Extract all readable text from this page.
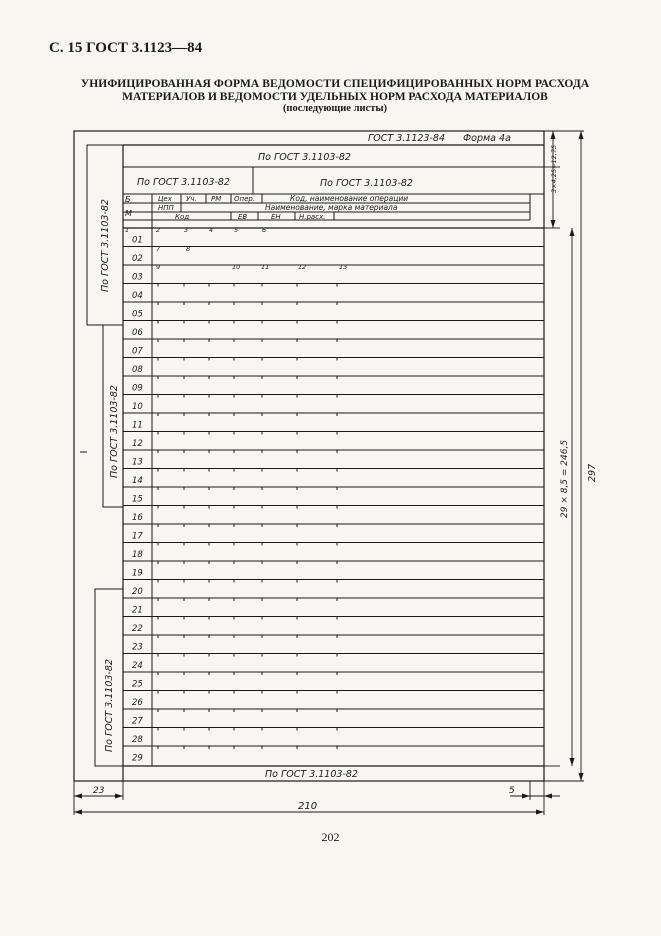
С. 15 ГОСТ 3.1123—84
УНИФИЦИРОВАННАЯ ФОРМА ВЕДОМОСТИ СПЕЦИФИЦИРОВАННЫХ НОРМ РАСХОДА
МАТЕРИАЛОВ И ВЕДОМОСТИ УДЕЛЬНЫХ НОРМ РАСХОДА МАТЕРИАЛОВ
(последующие листы)
ГОСТ 3.1123-84 Форма 4а
По ГОСТ 3.1103-82
По ГОСТ 3.1103-82	По ГОСТ 3.1103-82
Б
М
Цех Уч. РМ Опер.	Код, наименование операции
НПП	Наименование, марка материала
Код	ЕВ	ЕН	Н.расх.
1	2	3	4	5	6
7	8
9	10	11	12	13
01
02
03
04
05
06
07
08
09
10
11
12
13
14
15
16
17
18
19
20
21
22
23
24
25
26
27
28
29
По ГОСТ 3.1103-82
По ГОСТ 3.1103-82
По ГОСТ 3.1103-82
По ГОСТ 3.1103-82
23	5
210
297
29 × 8,5 = 246,5
3×4,25=12,75
202
